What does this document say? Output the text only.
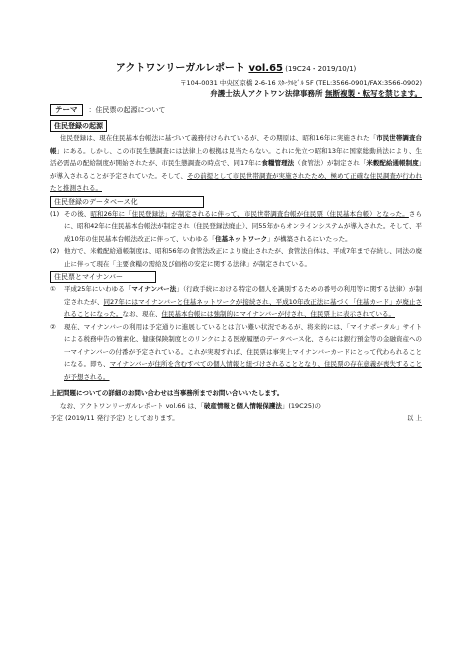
アクトワンリーガルレポート vol.65 (19C24・2019/10/1)
〒104-0031 中央区京橋 2-6-16 ｽﾀｰｸﾙﾋﾞﾙ 5F (TEL:3566-0901/FAX:3566-0902)
弁護士法人アクトワン法律事務所 無断複製・転写を禁じます。
テーマ	：住民票の起源について
住民登録の起源

住民登録は、現在住民基本台帳法に基づいて義務付けられているが、その期原は、昭和16年に実施された「市民世帯調査台帳」にある。しかし、この市民生態調査には法律上の根拠は見当たらない。これに先立つ昭和13年に国家総動員法により、生活必需品の配給制度が開始されたが、市民生態調査の時点で、同17年に食糧管理法（食管法）が制定され「米穀配給通帳制度」が導入されることが予定されていた。そして、その前提として市民世帯調査が実施されたため、極めて正確な住民調査が行われたと推測される。

住民登録のデータベース化
(1) その後、昭和26年に「住民登録法」が制定されるに伴って、市民世帯調査台帳が住民票（住民基本台帳）となった。さらに、昭和42年に住民基本台帳法が制定され（住民登録法廃止）、同55年からオンラインシステムが導入された。そして、平成10年の住民基本台帳法改正に伴って、いわゆる「住基ネットワーク」が構築されるにいたった。

(2) 他方で、米穀配給通帳制度は、昭和56年の食管法改正により廃止されたが、食管法自体は、平成7年まで存続し、同法の廃止に伴って現在「主要食糧の需給及び価格の安定に関する法律」が制定されている。

住民票とマイナンバー
①	平成25年にいわゆる「マイナンバー法」（行政手続における特定の個人を識別するための番号の利用等に関する法律）が制定されたが、同27年にはマイナンバーと住基ネットワークが接続され、平成10年改正法に基づく「住基カード」が廃止されることになった。なお、現在、住民基本台帳には強制的にマイナンバーが付され、住民票上に表示されている。

②	現在、マイナンバーの利用は予定通りに進展しているとは言い難い状況であるが、将来的には、「マイナポータル」サイトによる税務申告の簡素化、健康保険制度とのリンクによる医療履歴のデータベース化、さらには銀行預金等の金融資産への一マイナンバーの付番が予定されている。これが実現すれば、住民票は事実上マイナンバーカードにとって代わられることになる。即ち、マイナンバーが住所を含むすべての個人情報と紐づけされることとなり、住民票の存在意義が喪失することが予想される。

上記問題についての詳細のお問い合わせは当事務所までお問い合いいたします。

なお、アクトワンリーガルレポート vol.66 は、「破産情報と個人情報保護法」(19C25)の

予定 (2019/11 発行予定) としております。	以 上
